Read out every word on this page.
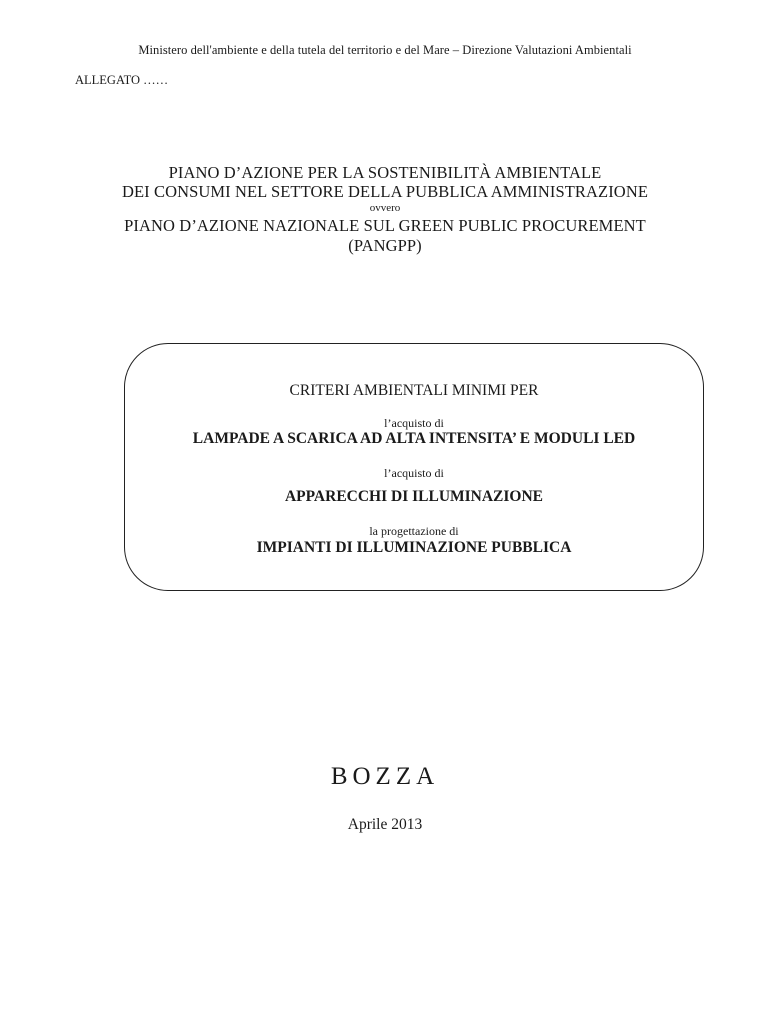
Ministero dell'ambiente e della tutela del territorio e del Mare – Direzione Valutazioni Ambientali
ALLEGATO ……
PIANO D’AZIONE PER LA SOSTENIBILITÀ AMBIENTALE
DEI CONSUMI NEL SETTORE DELLA PUBBLICA AMMINISTRAZIONE
ovvero
PIANO D’AZIONE NAZIONALE SUL GREEN PUBLIC PROCUREMENT
(PANGPP)
CRITERI AMBIENTALI MINIMI PER
l’acquisto di
LAMPADE A SCARICA AD ALTA INTENSITA’ E MODULI LED
l’acquisto di
APPARECCHI DI ILLUMINAZIONE
la progettazione di
IMPIANTI DI ILLUMINAZIONE PUBBLICA
BOZZA
Aprile 2013
